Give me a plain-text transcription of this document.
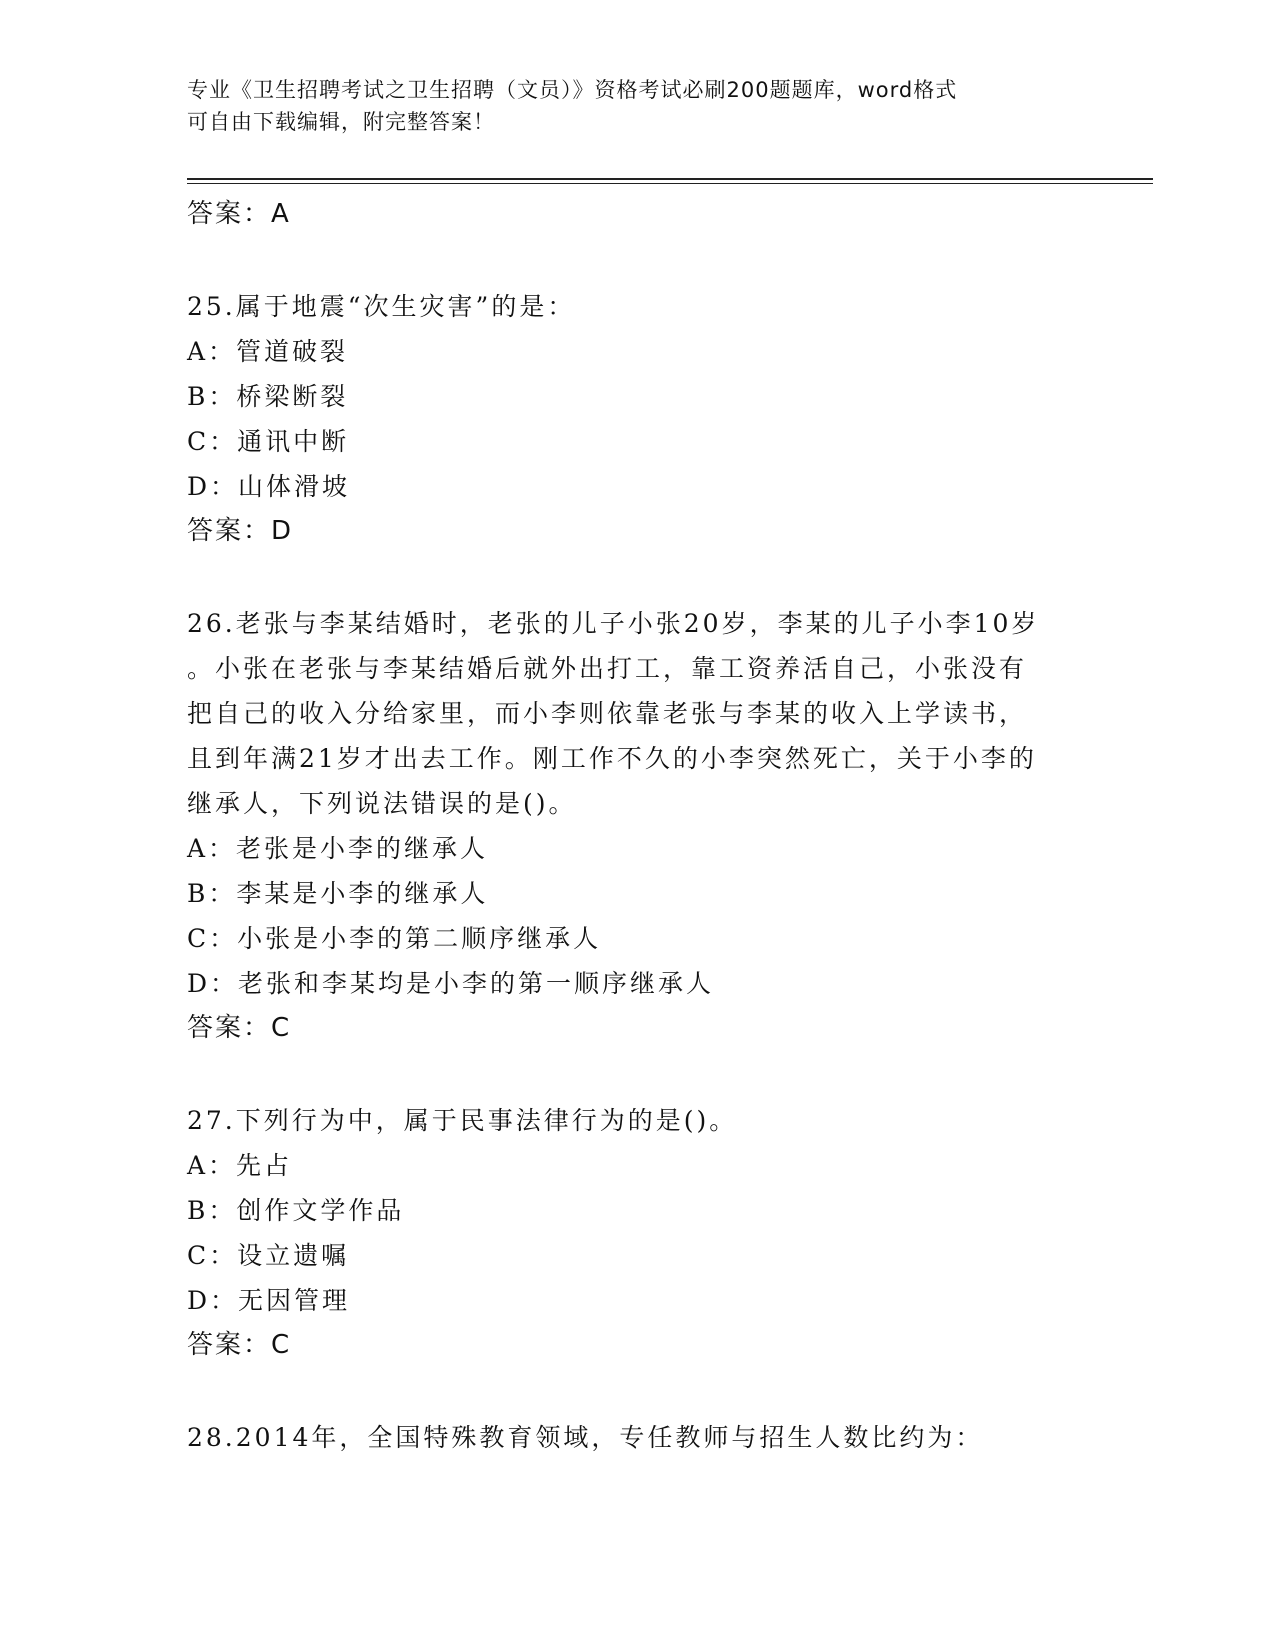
专业《卫生招聘考试之卫生招聘（文员）》资格考试必刷200题题库，word格式
可自由下载编辑，附完整答案！
答案：A
25.属于地震“次生灾害”的是：
A：管道破裂
B：桥梁断裂
C：通讯中断
D：山体滑坡
答案：D
26.老张与李某结婚时，老张的儿子小张20岁，李某的儿子小李10岁
。小张在老张与李某结婚后就外出打工，靠工资养活自己，小张没有
把自己的收入分给家里，而小李则依靠老张与李某的收入上学读书，
且到年满21岁才出去工作。刚工作不久的小李突然死亡，关于小李的
继承人，下列说法错误的是()。
A：老张是小李的继承人
B：李某是小李的继承人
C：小张是小李的第二顺序继承人
D：老张和李某均是小李的第一顺序继承人
答案：C
27.下列行为中，属于民事法律行为的是()。
A：先占
B：创作文学作品
C：设立遗嘱
D：无因管理
答案：C
28.2014年，全国特殊教育领域，专任教师与招生人数比约为：
